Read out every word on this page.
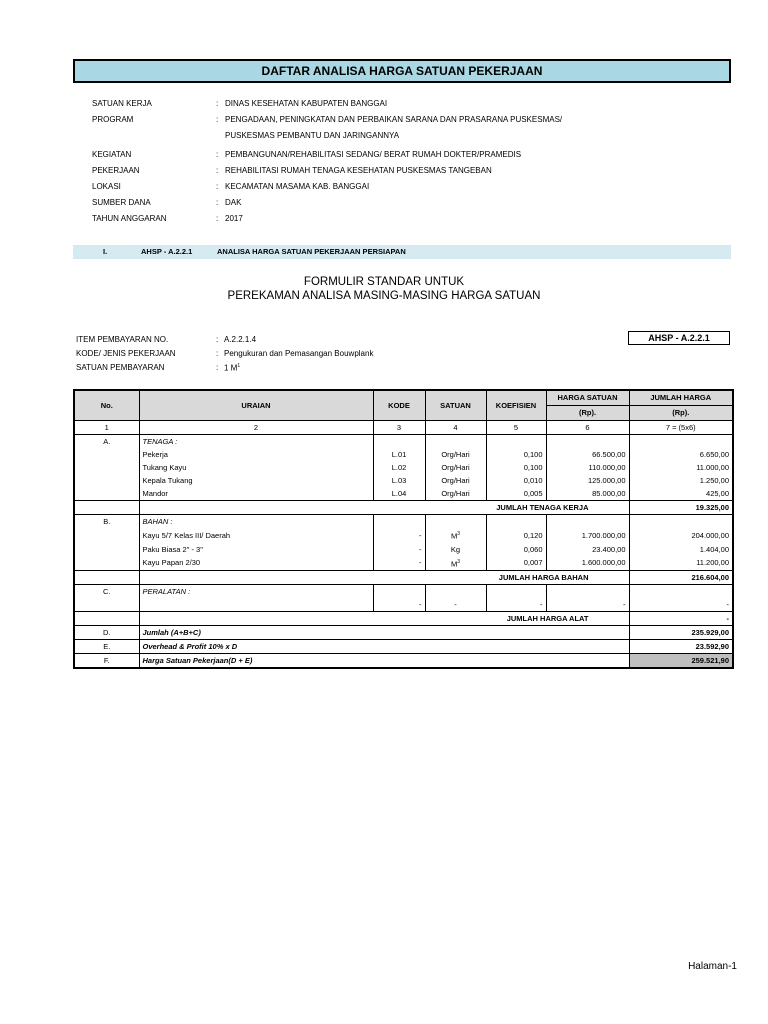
DAFTAR ANALISA HARGA SATUAN PEKERJAAN
SATUAN KERJA	: DINAS KESEHATAN KABUPATEN BANGGAI
PROGRAM	: PENGADAAN, PENINGKATAN DAN PERBAIKAN SARANA DAN PRASARANA PUSKESMAS/
PUSKESMAS PEMBANTU DAN JARINGANNYA
KEGIATAN	: PEMBANGUNAN/REHABILITASI SEDANG/ BERAT RUMAH DOKTER/PRAMEDIS
PEKERJAAN	: REHABILITASI RUMAH TENAGA KESEHATAN PUSKESMAS TANGEBAN
LOKASI	: KECAMATAN MASAMA KAB. BANGGAI
SUMBER DANA	: DAK
TAHUN ANGGARAN	: 2017
I.	AHSP - A.2.2.1	ANALISA HARGA SATUAN PEKERJAAN PERSIAPAN
FORMULIR STANDAR UNTUK
PEREKAMAN ANALISA MASING-MASING HARGA SATUAN
ITEM PEMBAYARAN NO.	: A.2.2.1.4
KODE/ JENIS PEKERJAAN	: Pengukuran dan Pemasangan Bouwplank
SATUAN PEMBAYARAN	: 1 $M^1$
AHSP - A.2.2.1
No.	URAIAN	KODE	SATUAN	KOEFISIEN	HARGA SATUAN	JUMLAH HARGA
					(Rp).	(Rp).
1	2	3	4	5	6	7 = (5x6)
A.	TENAGA :					
	Pekerja	L.01	Org/Hari	0,100	66.500,00	6.650,00
	Tukang Kayu	L.02	Org/Hari	0,100	110.000,00	11.000,00
	Kepala Tukang	L.03	Org/Hari	0,010	125.000,00	1.250,00
	Mandor	L.04	Org/Hari	0,005	85.000,00	425,00
	JUMLAH TENAGA KERJA					19.325,00
B.	BAHAN :					
	Kayu 5/7 Kelas III/ Daerah	-	$M^3$	0,120	1.700.000,00	204.000,00
	Paku Biasa 2" - 3"	-	Kg	0,060	23.400,00	1.404,00
	Kayu Papan 2/30	-	$M^3$	0,007	1.600.000,00	11.200,00
	JUMLAH HARGA BAHAN					216.604,00
C.	PERALATAN :					
		-	-	-	-	-
	JUMLAH HARGA ALAT					-
D.	Jumlah (A+B+C)					235.929,00
E.	Overhead & Profit 10% x D					23.592,90
F.	Harga Satuan Pekerjaan(D + E)					259.521,90
Halaman-1
